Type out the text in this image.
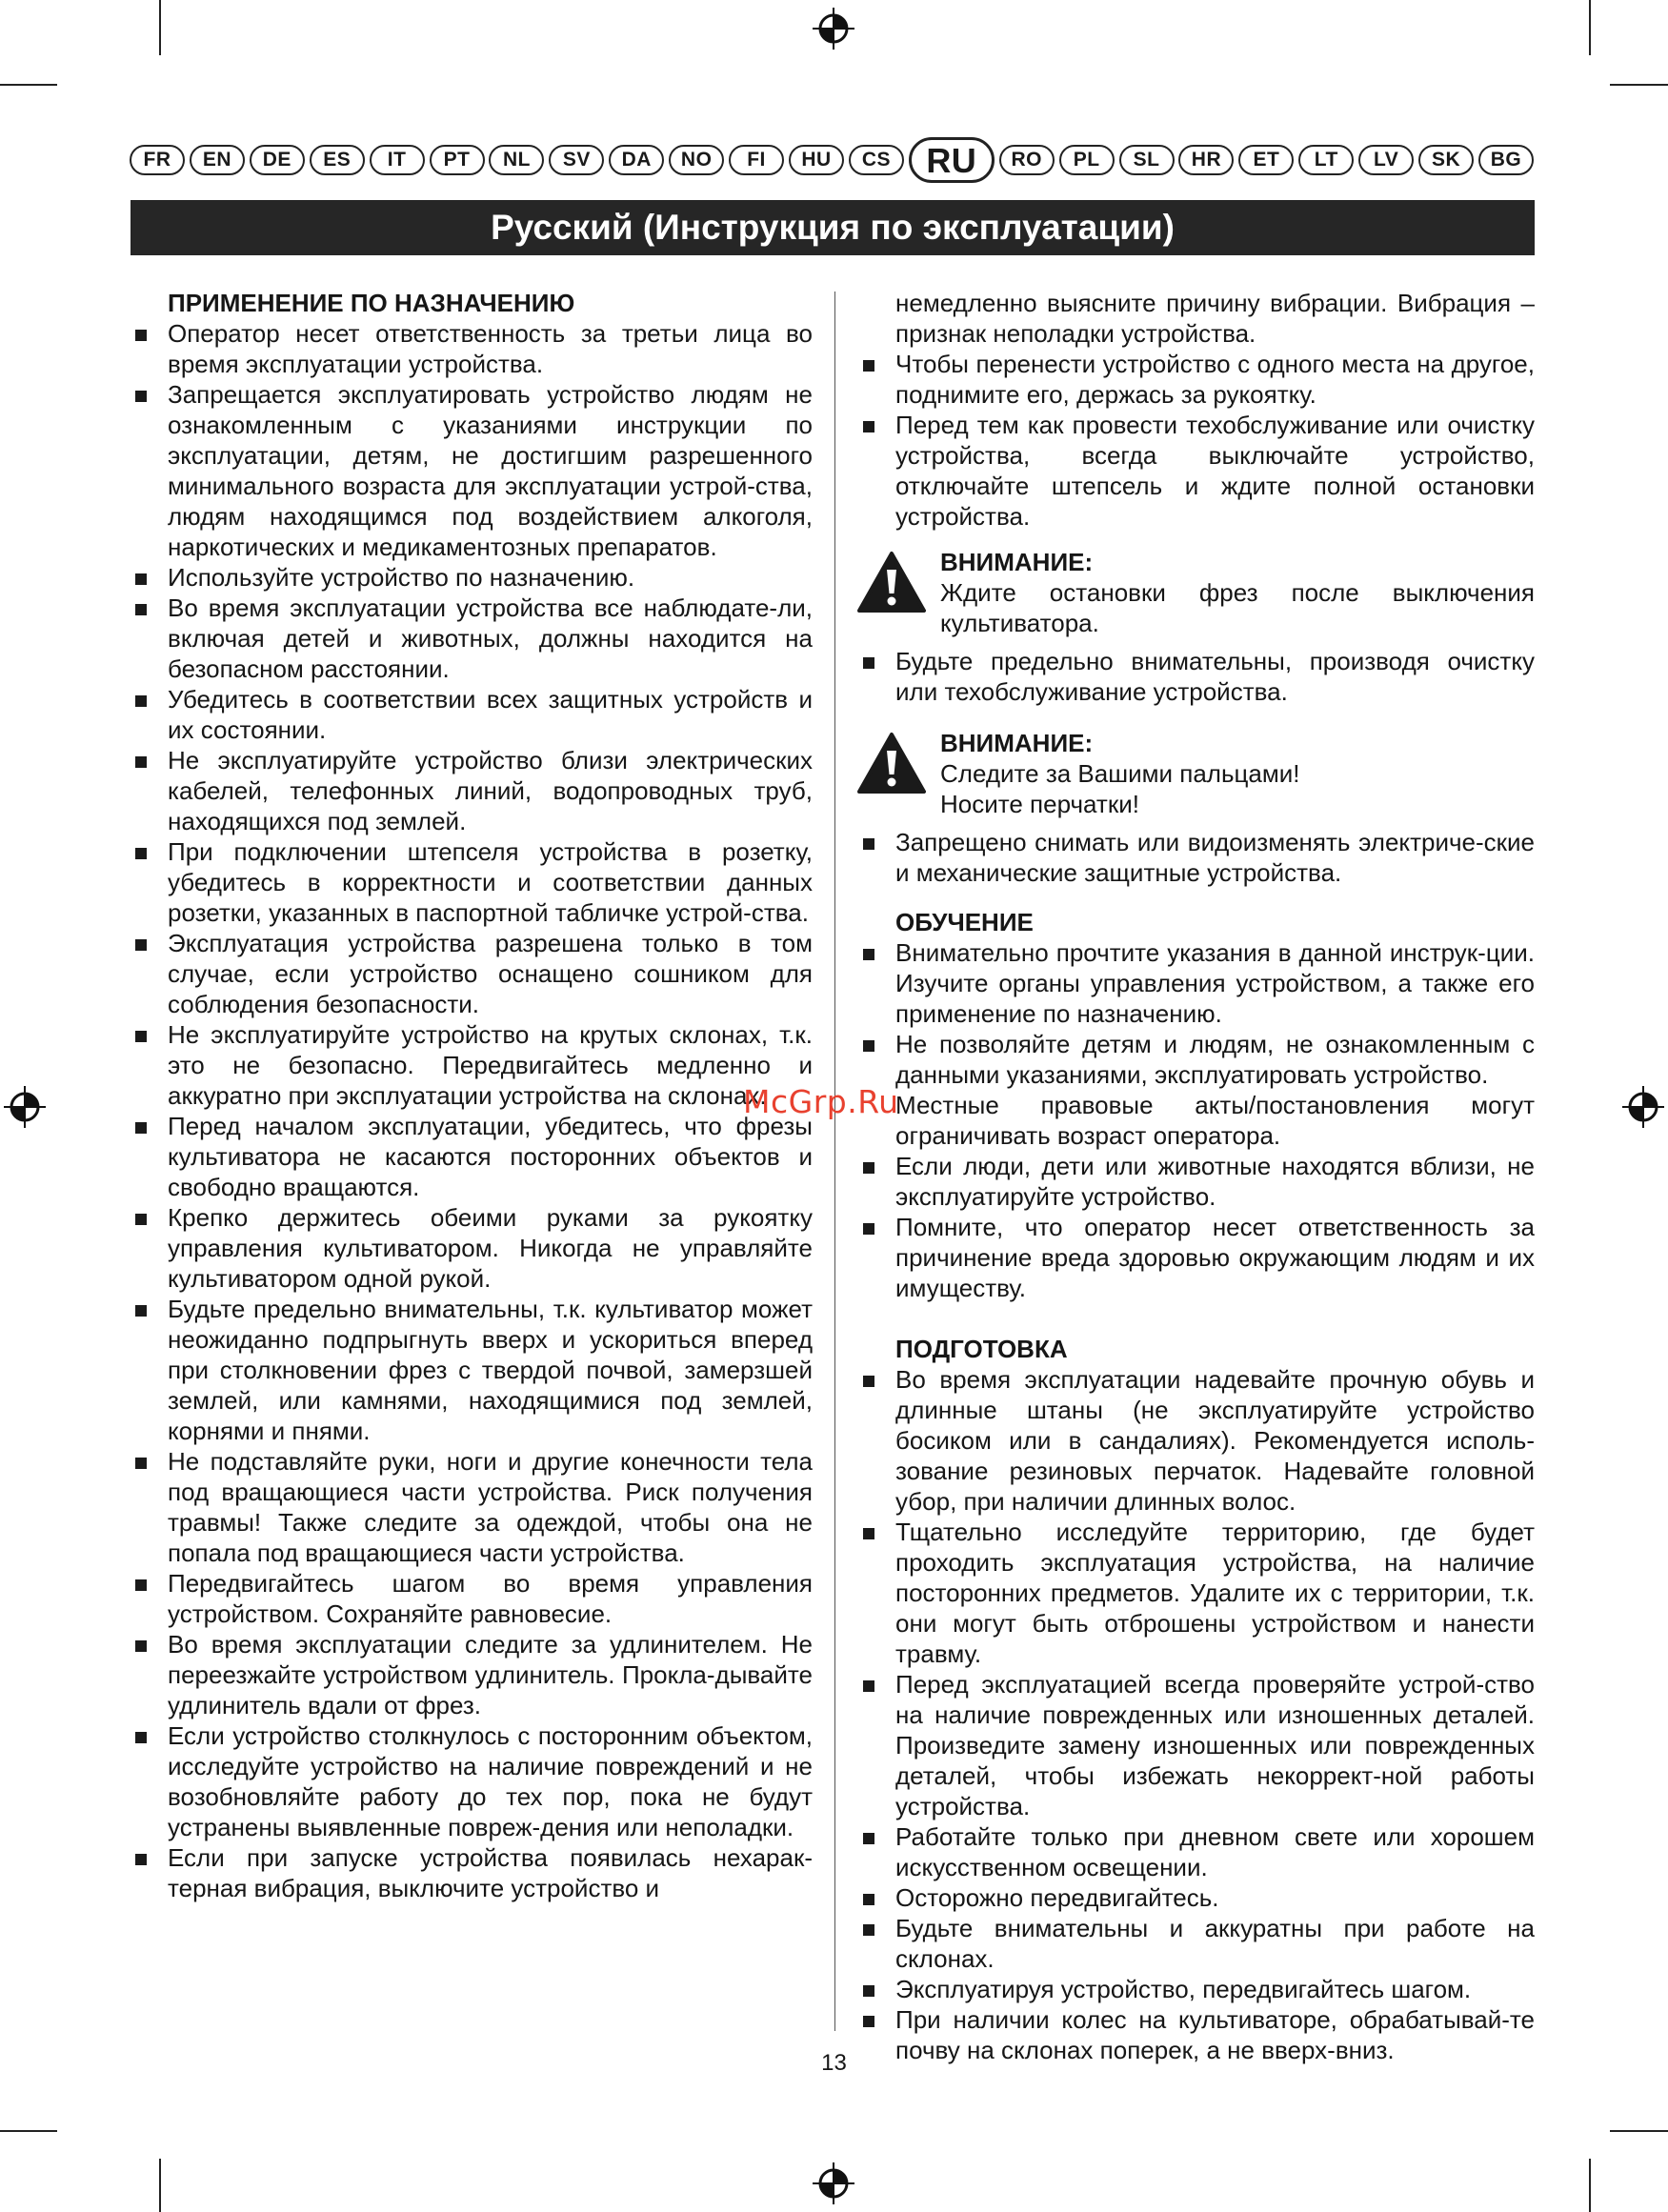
FR	EN	DE	ES	IT	PT	NL	SV	DA	NO	FI	HU	CS	RU	RO	PL	SL	HR	ET	LT	LV	SK	BG
Русский (Инструкция по эксплуатации)
ПРИМЕНЕНИЕ ПО НАЗНАЧЕНИЮ
Оператор несет ответственность за третьи лица во время эксплуатации устройства.
Запрещается эксплуатировать устройство людям не ознакомленным с указаниями инструкции по эксплуатации, детям, не достигшим разрешенного минимального возраста для эксплуатации устрой-ства, людям находящимся под воздействием алкоголя, наркотических и медикаментозных препаратов.
Используйте устройство по назначению.
Во время эксплуатации устройства все наблюдате-ли, включая детей и животных, должны находится на безопасном расстоянии.
Убедитесь в соответствии всех защитных устройств и их состоянии.
Не эксплуатируйте устройство близи электрических кабелей, телефонных линий, водопроводных труб, находящихся под землей.
При подключении штепселя устройства в розетку, убедитесь в корректности и соответствии данных розетки, указанных в паспортной табличке устрой-ства.
Эксплуатация устройства разрешена только в том случае, если устройство оснащено сошником для соблюдения безопасности.
Не эксплуатируйте устройство на крутых склонах, т.к. это не безопасно. Передвигайтесь медленно и аккуратно при эксплуатации устройства на склонах.
Перед началом эксплуатации, убедитесь, что фрезы культиватора не касаются посторонних объектов и свободно вращаются.
Крепко держитесь обеими руками за рукоятку управления культиватором. Никогда не управляйте культиватором одной рукой.
Будьте предельно внимательны, т.к. культиватор может неожиданно подпрыгнуть вверх и ускориться вперед при столкновении фрез с твердой почвой, замерзшей землей, или камнями, находящимися под землей, корнями и пнями.
Не подставляйте руки, ноги и другие конечности тела под вращающиеся части устройства. Риск получения травмы! Также следите за одеждой, чтобы она не попала под вращающиеся части устройства.
Передвигайтесь шагом во время управления устройством. Сохраняйте равновесие.
Во время эксплуатации следите за удлинителем. Не переезжайте устройством удлинитель. Прокла-дывайте удлинитель вдали от фрез.
Если устройство столкнулось с посторонним объектом, исследуйте устройство на наличие повреждений и не возобновляйте работу до тех пор, пока не будут устранены выявленные повреж-дения или неполадки.
Если при запуске устройства появилась нехарак-терная вибрация, выключите устройство и
немедленно выясните причину вибрации. Вибрация – признак неполадки устройства.
Чтобы перенести устройство с одного места на другое, поднимите его, держась за рукоятку.
Перед тем как провести техобслуживание или очистку устройства, всегда выключайте устройство, отключайте штепсель и ждите полной остановки устройства.
ВНИМАНИЕ:
Ждите остановки фрез после выключения культиватора.
Будьте предельно внимательны, производя очистку или техобслуживание устройства.
ВНИМАНИЕ:
Следите за Вашими пальцами!
Носите перчатки!
Запрещено снимать или видоизменять электриче-ские и механические защитные устройства.
ОБУЧЕНИЕ
Внимательно прочтите указания в данной инструк-ции. Изучите органы управления устройством, а также его применение по назначению.
Не позволяйте детям и людям, не ознакомленным с данными указаниями, эксплуатировать устройство.
Местные правовые акты/постановления могут ограничивать возраст оператора.
Если люди, дети или животные находятся вблизи, не эксплуатируйте устройство.
Помните, что оператор несет ответственность за причинение вреда здоровью окружающим людям и их имуществу.
ПОДГОТОВКА
Во время эксплуатации надевайте прочную обувь и длинные штаны (не эксплуатируйте устройство босиком или в сандалиях). Рекомендуется исполь-зование резиновых перчаток. Надевайте головной убор, при наличии длинных волос.
Тщательно исследуйте территорию, где будет проходить эксплуатация устройства, на наличие посторонних предметов. Удалите их с территории, т.к. они могут быть отброшены устройством и нанести травму.
Перед эксплуатацией всегда проверяйте устрой-ство на наличие поврежденных или изношенных деталей. Произведите замену изношенных или поврежденных деталей, чтобы избежать некоррект-ной работы устройства.
Работайте только при дневном свете или хорошем искусственном освещении.
Осторожно передвигайтесь.
Будьте внимательны и аккуратны при работе на склонах.
Эксплуатируя устройство, передвигайтесь шагом.
При наличии колес на культиваторе, обрабатывай-те почву на склонах поперек, а не вверх-вниз.
McGrp.Ru
13
